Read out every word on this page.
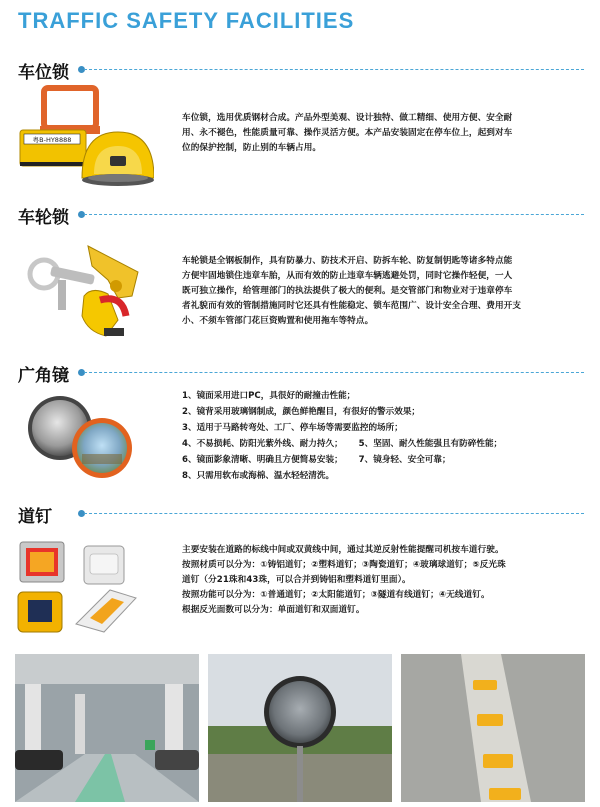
TRAFFIC SAFETY FACILITIES
车位锁
粤B-HY8888
车位锁，选用优质钢材合成。产品外型美观、设计独特、做工精细、使用方便、安全耐
用、永不褪色，性能质量可靠、操作灵活方便。本产品安装固定在停车位上，起到对车
位的保护控制，防止别的车辆占用。
车轮锁
车轮锁是全钢板制作，具有防暴力、防技术开启、防拆车轮、防复制钥匙等诸多特点能
方便牢固地锁住违章车胎，从而有效的防止违章车辆逃避处罚，同时它操作轻便，一人
既可独立操作，给管理部门的执法提供了极大的便利。是交管部门和物业对于违章停车
者礼貌而有效的管制措施同时它还具有性能稳定、锁车范围广、设计安全合理、费用开支
小、不须车管部门花巨资购置和使用拖车等特点。
广角镜
1、镜面采用进口PC，具很好的耐撞击性能；
2、镜背采用玻璃钢制成，颜色鲜艳醒目，有很好的警示效果；
3、适用于马路转弯处、工厂、停车场等需要监控的场所；
4、不易损耗、防阳光紫外线、耐力持久； 5、坚固、耐久性能强且有防碎性能；
6、镜面影象清晰、明确且方便简易安装； 7、镜身轻、安全可靠；
8、只需用软布或海棉、温水轻轻清洗。
道钉
主要安装在道路的标线中间或双黄线中间，通过其逆反射性能提醒司机按车道行驶。
按照材质可以分为：①铸铝道钉；②塑料道钉；③陶瓷道钉；④玻璃球道钉；⑤反光珠
道钉（分21珠和43珠，可以合并到铸铝和塑料道钉里面）。
按照功能可以分为：①普通道钉；②太阳能道钉；③隧道有线道钉；④无线道钉。
根据反光面数可以分为：单面道钉和双面道钉。
